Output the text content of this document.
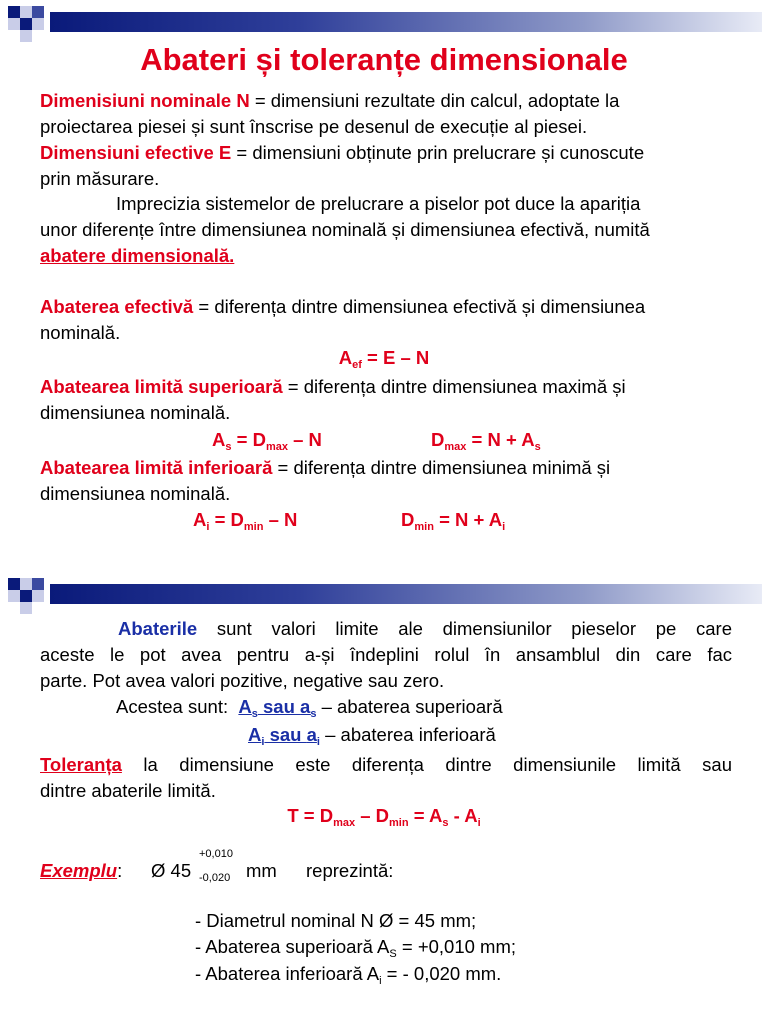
Abateri și toleranțe dimensionale
Dimenisiuni nominale N = dimensiuni rezultate din calcul, adoptate la
proiectarea piesei și sunt înscrise pe desenul de execuție al piesei.
Dimensiuni efective E = dimensiuni obținute prin prelucrare și cunoscute
prin măsurare.
Imprecizia sistemelor de prelucrare a piselor pot duce la apariția
unor diferențe între dimensiunea nominală și dimensiunea efectivă, numită
abatere dimensională.
Abaterea efectivă = diferența dintre dimensiunea efectivă și dimensiunea
nominală.
$A_{ef} = E - N$
Abatearea limită superioară = diferența dintre dimensiunea maximă și
dimensiunea nominală.
$A_s = D_{max} - N$	$D_{max} = N + A_s$
Abatearea limită inferioară = diferența dintre dimensiunea minimă și
dimensiunea nominală.
$A_i = D_{min} - N$	$D_{min} = N + A_i$
Abaterile sunt valori limite ale dimensiunilor pieselor pe care
aceste le pot avea pentru a-și îndeplini rolul în ansamblul din care fac
parte. Pot avea valori pozitive, negative sau zero.
Acestea sunt: $A_s$ sau $a_s$ – abaterea superioară
$A_i$ sau $a_i$ – abaterea inferioară
Toleranța la dimensiune este diferența dintre dimensiunile limită sau
dintre abaterile limită.
$T = D_{max} - D_{min} = A_s - A_i$
Exemplu: Ø 45
+0,010
-0,020 mm reprezintă:
- Diametrul nominal N Ø = 45 mm;
- Abaterea superioară $A_S = +0,010$ mm;
- Abaterea inferioară $A_i$ = - 0,020 mm.
